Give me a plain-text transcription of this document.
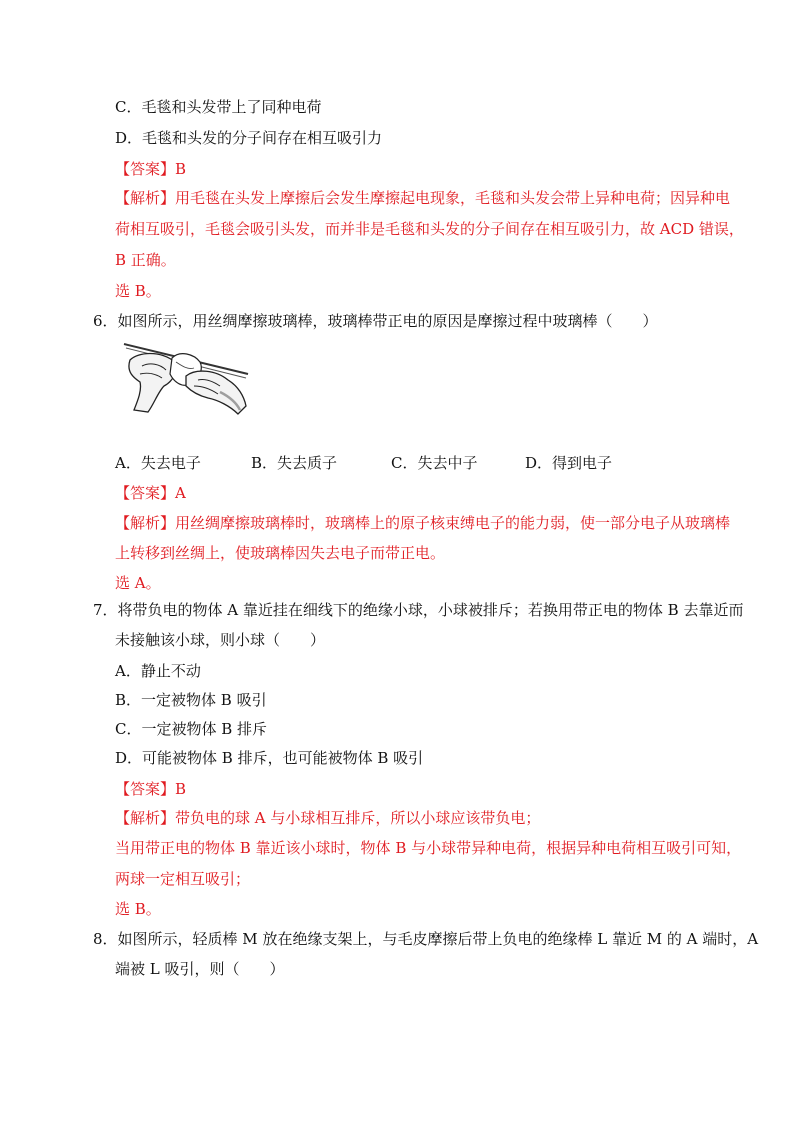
C．毛毯和头发带上了同种电荷
D．毛毯和头发的分子间存在相互吸引力
【答案】B
【解析】用毛毯在头发上摩擦后会发生摩擦起电现象，毛毯和头发会带上异种电荷；因异种电
荷相互吸引，毛毯会吸引头发，而并非是毛毯和头发的分子间存在相互吸引力，故 ACD 错误，
B 正确。
选 B。
6．如图所示，用丝绸摩擦玻璃棒，玻璃棒带正电的原因是摩擦过程中玻璃棒（　　）
A．失去电子	B．失去质子	C．失去中子	D．得到电子
【答案】A
【解析】用丝绸摩擦玻璃棒时，玻璃棒上的原子核束缚电子的能力弱，使一部分电子从玻璃棒
上转移到丝绸上，使玻璃棒因失去电子而带正电。
选 A。
7．将带负电的物体 A 靠近挂在细线下的绝缘小球，小球被排斥；若换用带正电的物体 B 去靠近而
未接触该小球，则小球（　　）
A．静止不动
B．一定被物体 B 吸引
C．一定被物体 B 排斥
D．可能被物体 B 排斥，也可能被物体 B 吸引
【答案】B
【解析】带负电的球 A 与小球相互排斥，所以小球应该带负电；
当用带正电的物体 B 靠近该小球时，物体 B 与小球带异种电荷，根据异种电荷相互吸引可知，
两球一定相互吸引；
选 B。
8．如图所示，轻质棒 M 放在绝缘支架上，与毛皮摩擦后带上负电的绝缘棒 L 靠近 M 的 A 端时，A
端被 L 吸引，则（　　）
